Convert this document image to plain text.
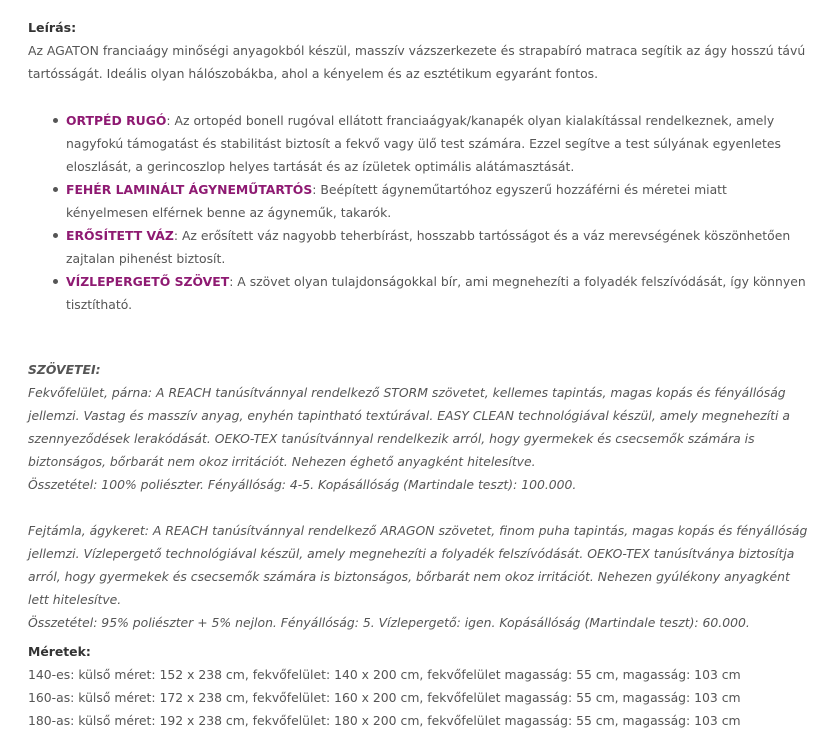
Leírás:

Az AGATON franciaágy minőségi anyagokból készül, masszív vázszerkezete és strapabíró matraca segítik az ágy hosszú távú tartósságát. Ideális olyan hálószobákba, ahol a kényelem és az esztétikum egyaránt fontos.

ORTPÉD RUGÓ: Az ortopéd bonell rugóval ellátott franciaágyak/kanapék olyan kialakítással rendelkeznek, amely nagyfokú támogatást és stabilitást biztosít a fekvő vagy ülő test számára. Ezzel segítve a test súlyának egyenletes eloszlását, a gerincoszlop helyes tartását és az ízületek optimális alátámasztását.
FEHÉR LAMINÁLT ÁGYNEMŰTARTÓS: Beépített ágyneműtartóhoz egyszerű hozzáférni és méretei miatt kényelmesen elférnek benne az ágyneműk, takarók.
ERŐSÍTETT VÁZ: Az erősített váz nagyobb teherbírást, hosszabb tartósságot és a váz merevségének köszönhetően zajtalan pihenést biztosít.
VÍZLEPERGETŐ SZÖVET: A szövet olyan tulajdonságokkal bír, ami megnehezíti a folyadék felszívódását, így könnyen tisztítható.

SZÖVETEI:

Fekvőfelület, párna: A REACH tanúsítvánnyal rendelkező STORM szövetet, kellemes tapintás, magas kopás és fényállóság jellemzi. Vastag és masszív anyag, enyhén tapintható textúrával. EASY CLEAN technológiával készül, amely megnehezíti a szennyeződések lerakódását. OEKO-TEX tanúsítvánnyal rendelkezik arról, hogy gyermekek és csecsemők számára is biztonságos, bőrbarát nem okoz irritációt. Nehezen éghető anyagként hitelesítve.
Összetétel: 100% poliészter. Fényállóság: 4-5. Kopásállóság (Martindale teszt): 100.000.
Fejtámla, ágykeret: A REACH tanúsítvánnyal rendelkező ARAGON szövetet, finom puha tapintás, magas kopás és fényállóság jellemzi. Vízlepergető technológiával készül, amely megnehezíti a folyadék felszívódását. OEKO-TEX tanúsítványa biztosítja arról, hogy gyermekek és csecsemők számára is biztonságos, bőrbarát nem okoz irritációt. Nehezen gyúlékony anyagként lett hitelesítve.
Összetétel: 95% poliészter + 5% nejlon. Fényállóság: 5. Vízlepergető: igen. Kopásállóság (Martindale teszt): 60.000.

Méretek:

140-es: külső méret: 152 x 238 cm, fekvőfelület: 140 x 200 cm, fekvőfelület magasság: 55 cm, magasság: 103 cm

160-as: külső méret: 172 x 238 cm, fekvőfelület: 160 x 200 cm, fekvőfelület magasság: 55 cm, magasság: 103 cm

180-as: külső méret: 192 x 238 cm, fekvőfelület: 180 x 200 cm, fekvőfelület magasság: 55 cm, magasság: 103 cm
